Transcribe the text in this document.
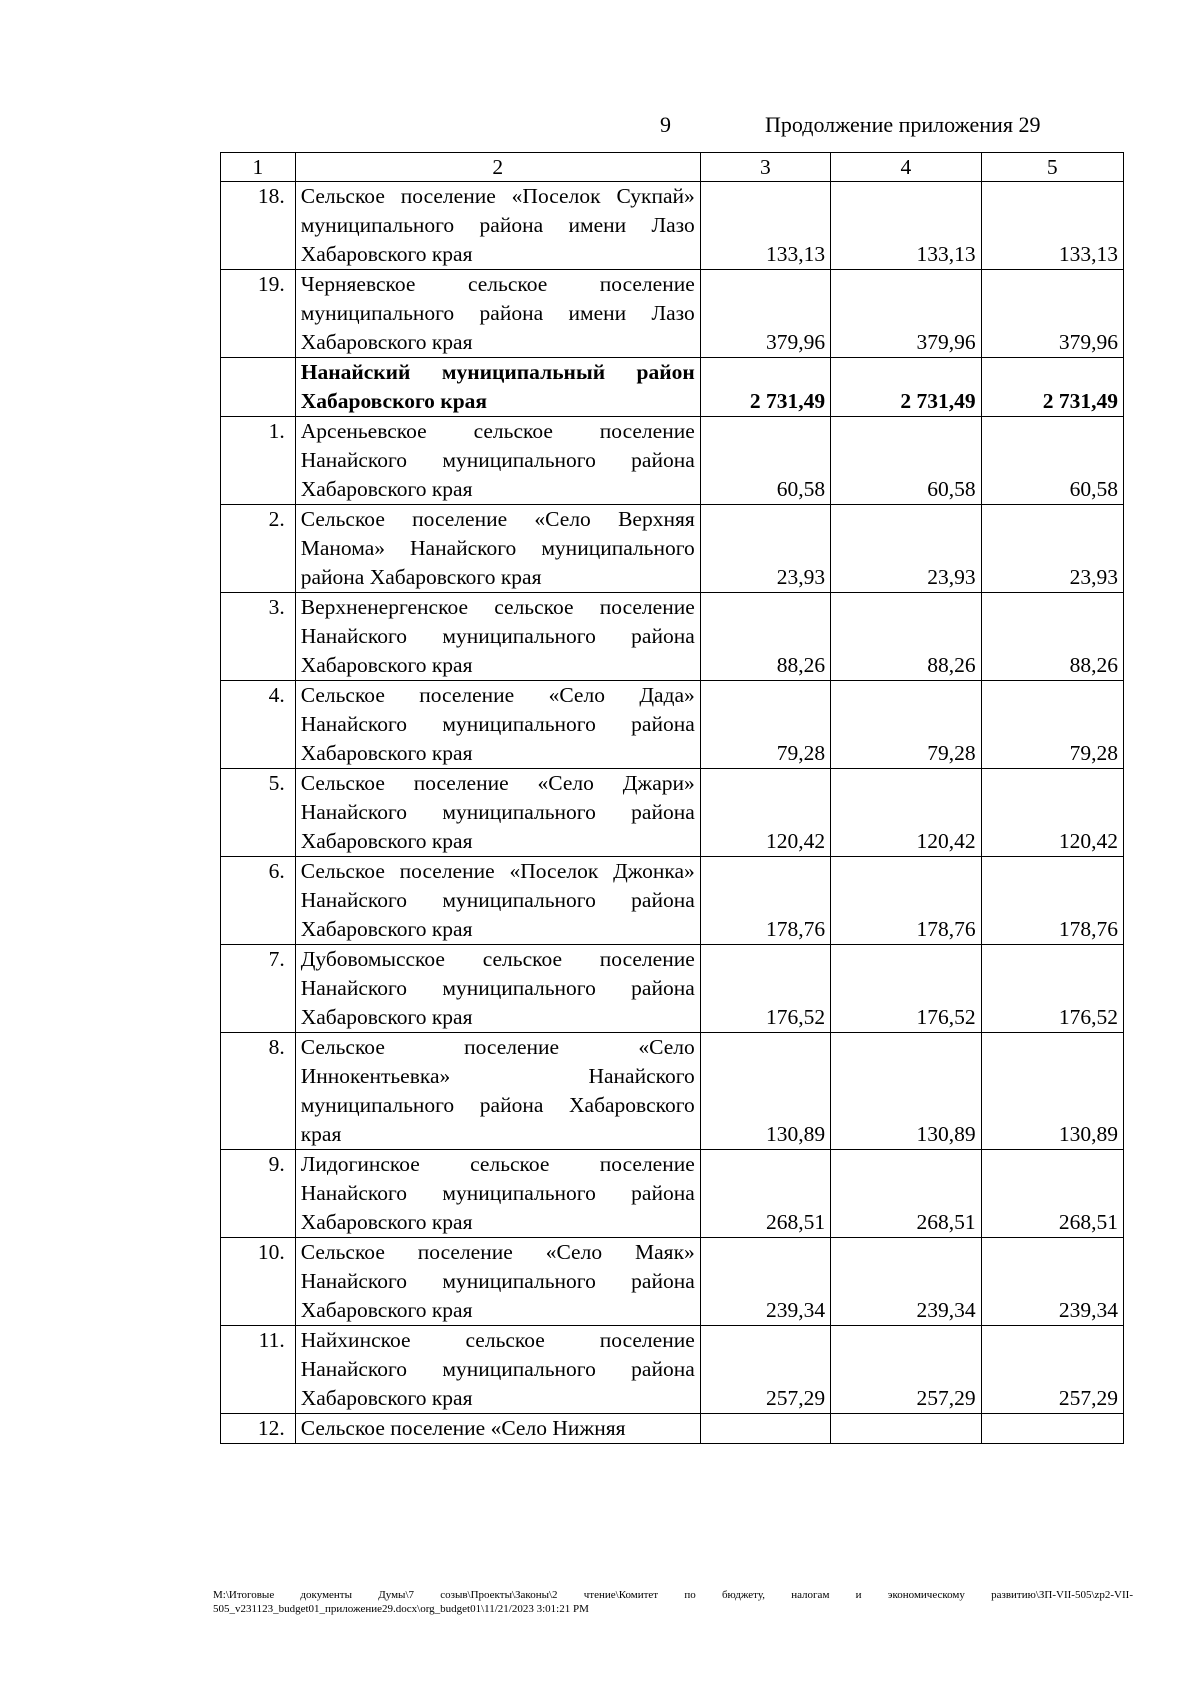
9	Продолжение приложения 29
1	2	3	4	5
18.	Сельское поселение «Поселок Сукпай» муниципального района имени Лазо Хабаровского края	133,13	133,13	133,13
19.	Черняевское сельское поселение муниципального района имени Лазо Хабаровского края	379,96	379,96	379,96
	Нанайский муниципальный район Хабаровского края	2 731,49	2 731,49	2 731,49
1.	Арсеньевское сельское поселение Нанайского муниципального района Хабаровского края	60,58	60,58	60,58
2.	Сельское поселение «Село Верхняя Манома» Нанайского муниципального района Хабаровского края	23,93	23,93	23,93
3.	Верхненергенское сельское поселение Нанайского муниципального района Хабаровского края	88,26	88,26	88,26
4.	Сельское поселение «Село Дада» Нанайского муниципального района Хабаровского края	79,28	79,28	79,28
5.	Сельское поселение «Село Джари» Нанайского муниципального района Хабаровского края	120,42	120,42	120,42
6.	Сельское поселение «Поселок Джонка» Нанайского муниципального района Хабаровского края	178,76	178,76	178,76
7.	Дубовомысское сельское поселение Нанайского муниципального района Хабаровского края	176,52	176,52	176,52
8.	Сельское поселение «Село Иннокентьевка» Нанайского муниципального района Хабаровского края	130,89	130,89	130,89
9.	Лидогинское сельское поселение Нанайского муниципального района Хабаровского края	268,51	268,51	268,51
10.	Сельское поселение «Село Маяк» Нанайского муниципального района Хабаровского края	239,34	239,34	239,34
11.	Найхинское сельское поселение Нанайского муниципального района Хабаровского края	257,29	257,29	257,29
12.	Сельское поселение «Село Нижняя			
M:\Итоговые документы Думы\7 созыв\Проекты\Законы\2 чтение\Комитет по бюджету, налогам и экономическому развитию\ЗП-VII-505\zp2-VII-505_v231123_budget01_приложение29.docx\org_budget01\11/21/2023 3:01:21 PM
